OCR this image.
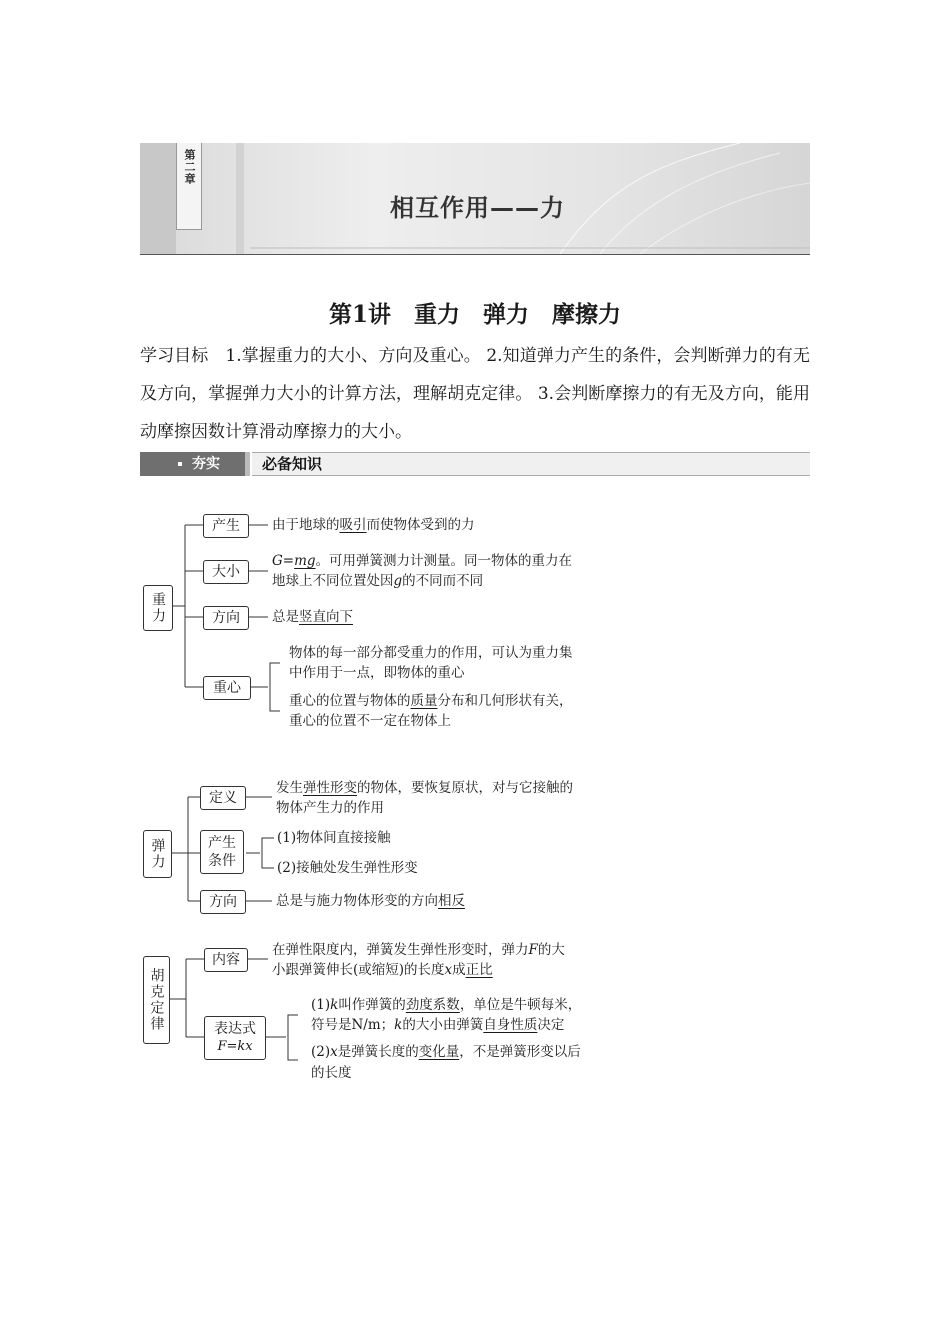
第二章
相互作用——力
第1讲　重力　弹力　摩擦力
学习目标　1.掌握重力的大小、方向及重心。 2.知道弹力产生的条件，会判断弹力的有无及方向，掌握弹力大小的计算方法，理解胡克定律。 3.会判断摩擦力的有无及方向，能用动摩擦因数计算滑动摩擦力的大小。
夯实	必备知识
重力
产生	由于地球的吸引而使物体受到的力
大小
G=mg。可用弹簧测力计测量。同一物体的重力在
地球上不同位置处因g的不同而不同
方向	总是竖直向下
重心
物体的每一部分都受重力的作用，可认为重力集
中作用于一点，即物体的重心
重心的位置与物体的质量分布和几何形状有关，
重心的位置不一定在物体上
弹力
定义
发生弹性形变的物体，要恢复原状，对与它接触的
物体产生力的作用
产生条件
(1)物体间直接接触
(2)接触处发生弹性形变
方向	总是与施力物体形变的方向相反
胡克定律
内容
在弹性限度内，弹簧发生弹性形变时，弹力F的大
小跟弹簧伸长(或缩短)的长度x成正比
表达式
F=kx
(1)k叫作弹簧的劲度系数，单位是牛顿每米，
符号是N/m；k的大小由弹簧自身性质决定
(2)x是弹簧长度的变化量，不是弹簧形变以后
的长度
